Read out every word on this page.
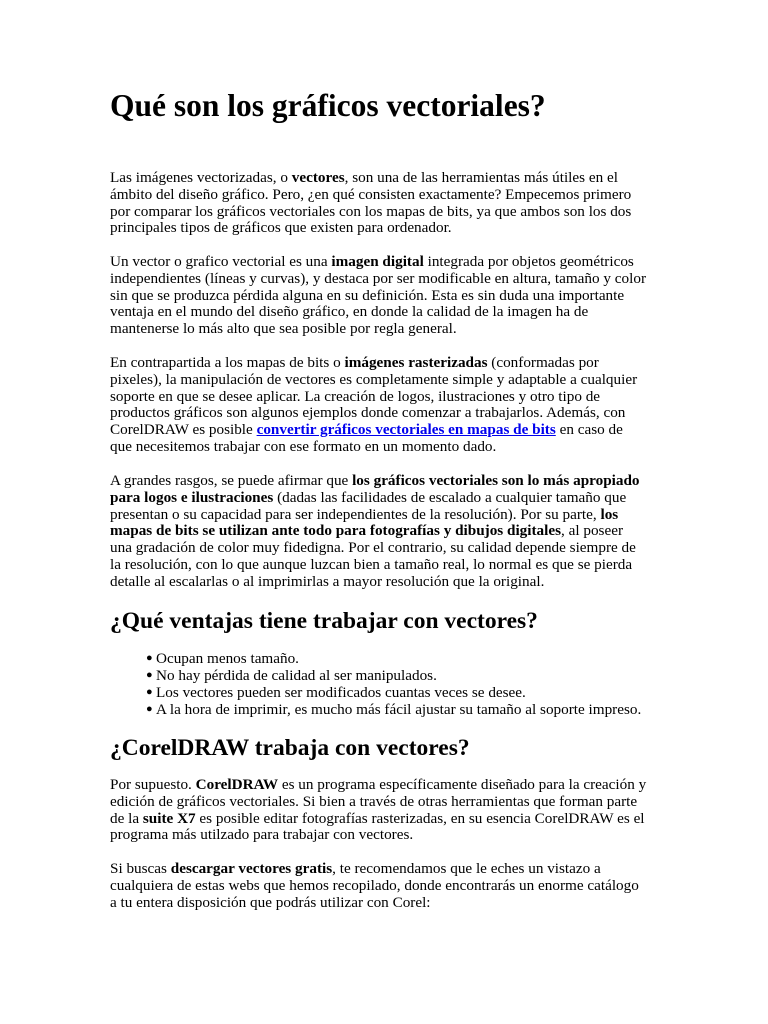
Qué son los gráficos vectoriales?

Las imágenes vectorizadas, o vectores, son una de las herramientas más útiles en el
ámbito del diseño gráfico. Pero, ¿en qué consisten exactamente? Empecemos primero
por comparar los gráficos vectoriales con los mapas de bits, ya que ambos son los dos
principales tipos de gráficos que existen para ordenador.

Un vector o grafico vectorial es una imagen digital integrada por objetos geométricos
independientes (líneas y curvas), y destaca por ser modificable en altura, tamaño y color
sin que se produzca pérdida alguna en su definición. Esta es sin duda una importante
ventaja en el mundo del diseño gráfico, en donde la calidad de la imagen ha de
mantenerse lo más alto que sea posible por regla general.

En contrapartida a los mapas de bits o imágenes rasterizadas (conformadas por
pixeles), la manipulación de vectores es completamente simple y adaptable a cualquier
soporte en que se desee aplicar. La creación de logos, ilustraciones y otro tipo de
productos gráficos son algunos ejemplos donde comenzar a trabajarlos. Además, con
CorelDRAW es posible convertir gráficos vectoriales en mapas de bits en caso de
que necesitemos trabajar con ese formato en un momento dado.

A grandes rasgos, se puede afirmar que los gráficos vectoriales son lo más apropiado
para logos e ilustraciones (dadas las facilidades de escalado a cualquier tamaño que
presentan o su capacidad para ser independientes de la resolución). Por su parte, los
mapas de bits se utilizan ante todo para fotografías y dibujos digitales, al poseer
una gradación de color muy fidedigna. Por el contrario, su calidad depende siempre de
la resolución, con lo que aunque luzcan bien a tamaño real, lo normal es que se pierda
detalle al escalarlas o al imprimirlas a mayor resolución que la original.

¿Qué ventajas tiene trabajar con vectores?
● Ocupan menos tamaño.
● No hay pérdida de calidad al ser manipulados.
● Los vectores pueden ser modificados cuantas veces se desee.
● A la hora de imprimir, es mucho más fácil ajustar su tamaño al soporte impreso.
¿CorelDRAW trabaja con vectores?

Por supuesto. CorelDRAW es un programa específicamente diseñado para la creación y
edición de gráficos vectoriales. Si bien a través de otras herramientas que forman parte
de la suite X7 es posible editar fotografías rasterizadas, en su esencia CorelDRAW es el
programa más utilzado para trabajar con vectores.

Si buscas descargar vectores gratis, te recomendamos que le eches un vistazo a
cualquiera de estas webs que hemos recopilado, donde encontrarás un enorme catálogo
a tu entera disposición que podrás utilizar con Corel:
